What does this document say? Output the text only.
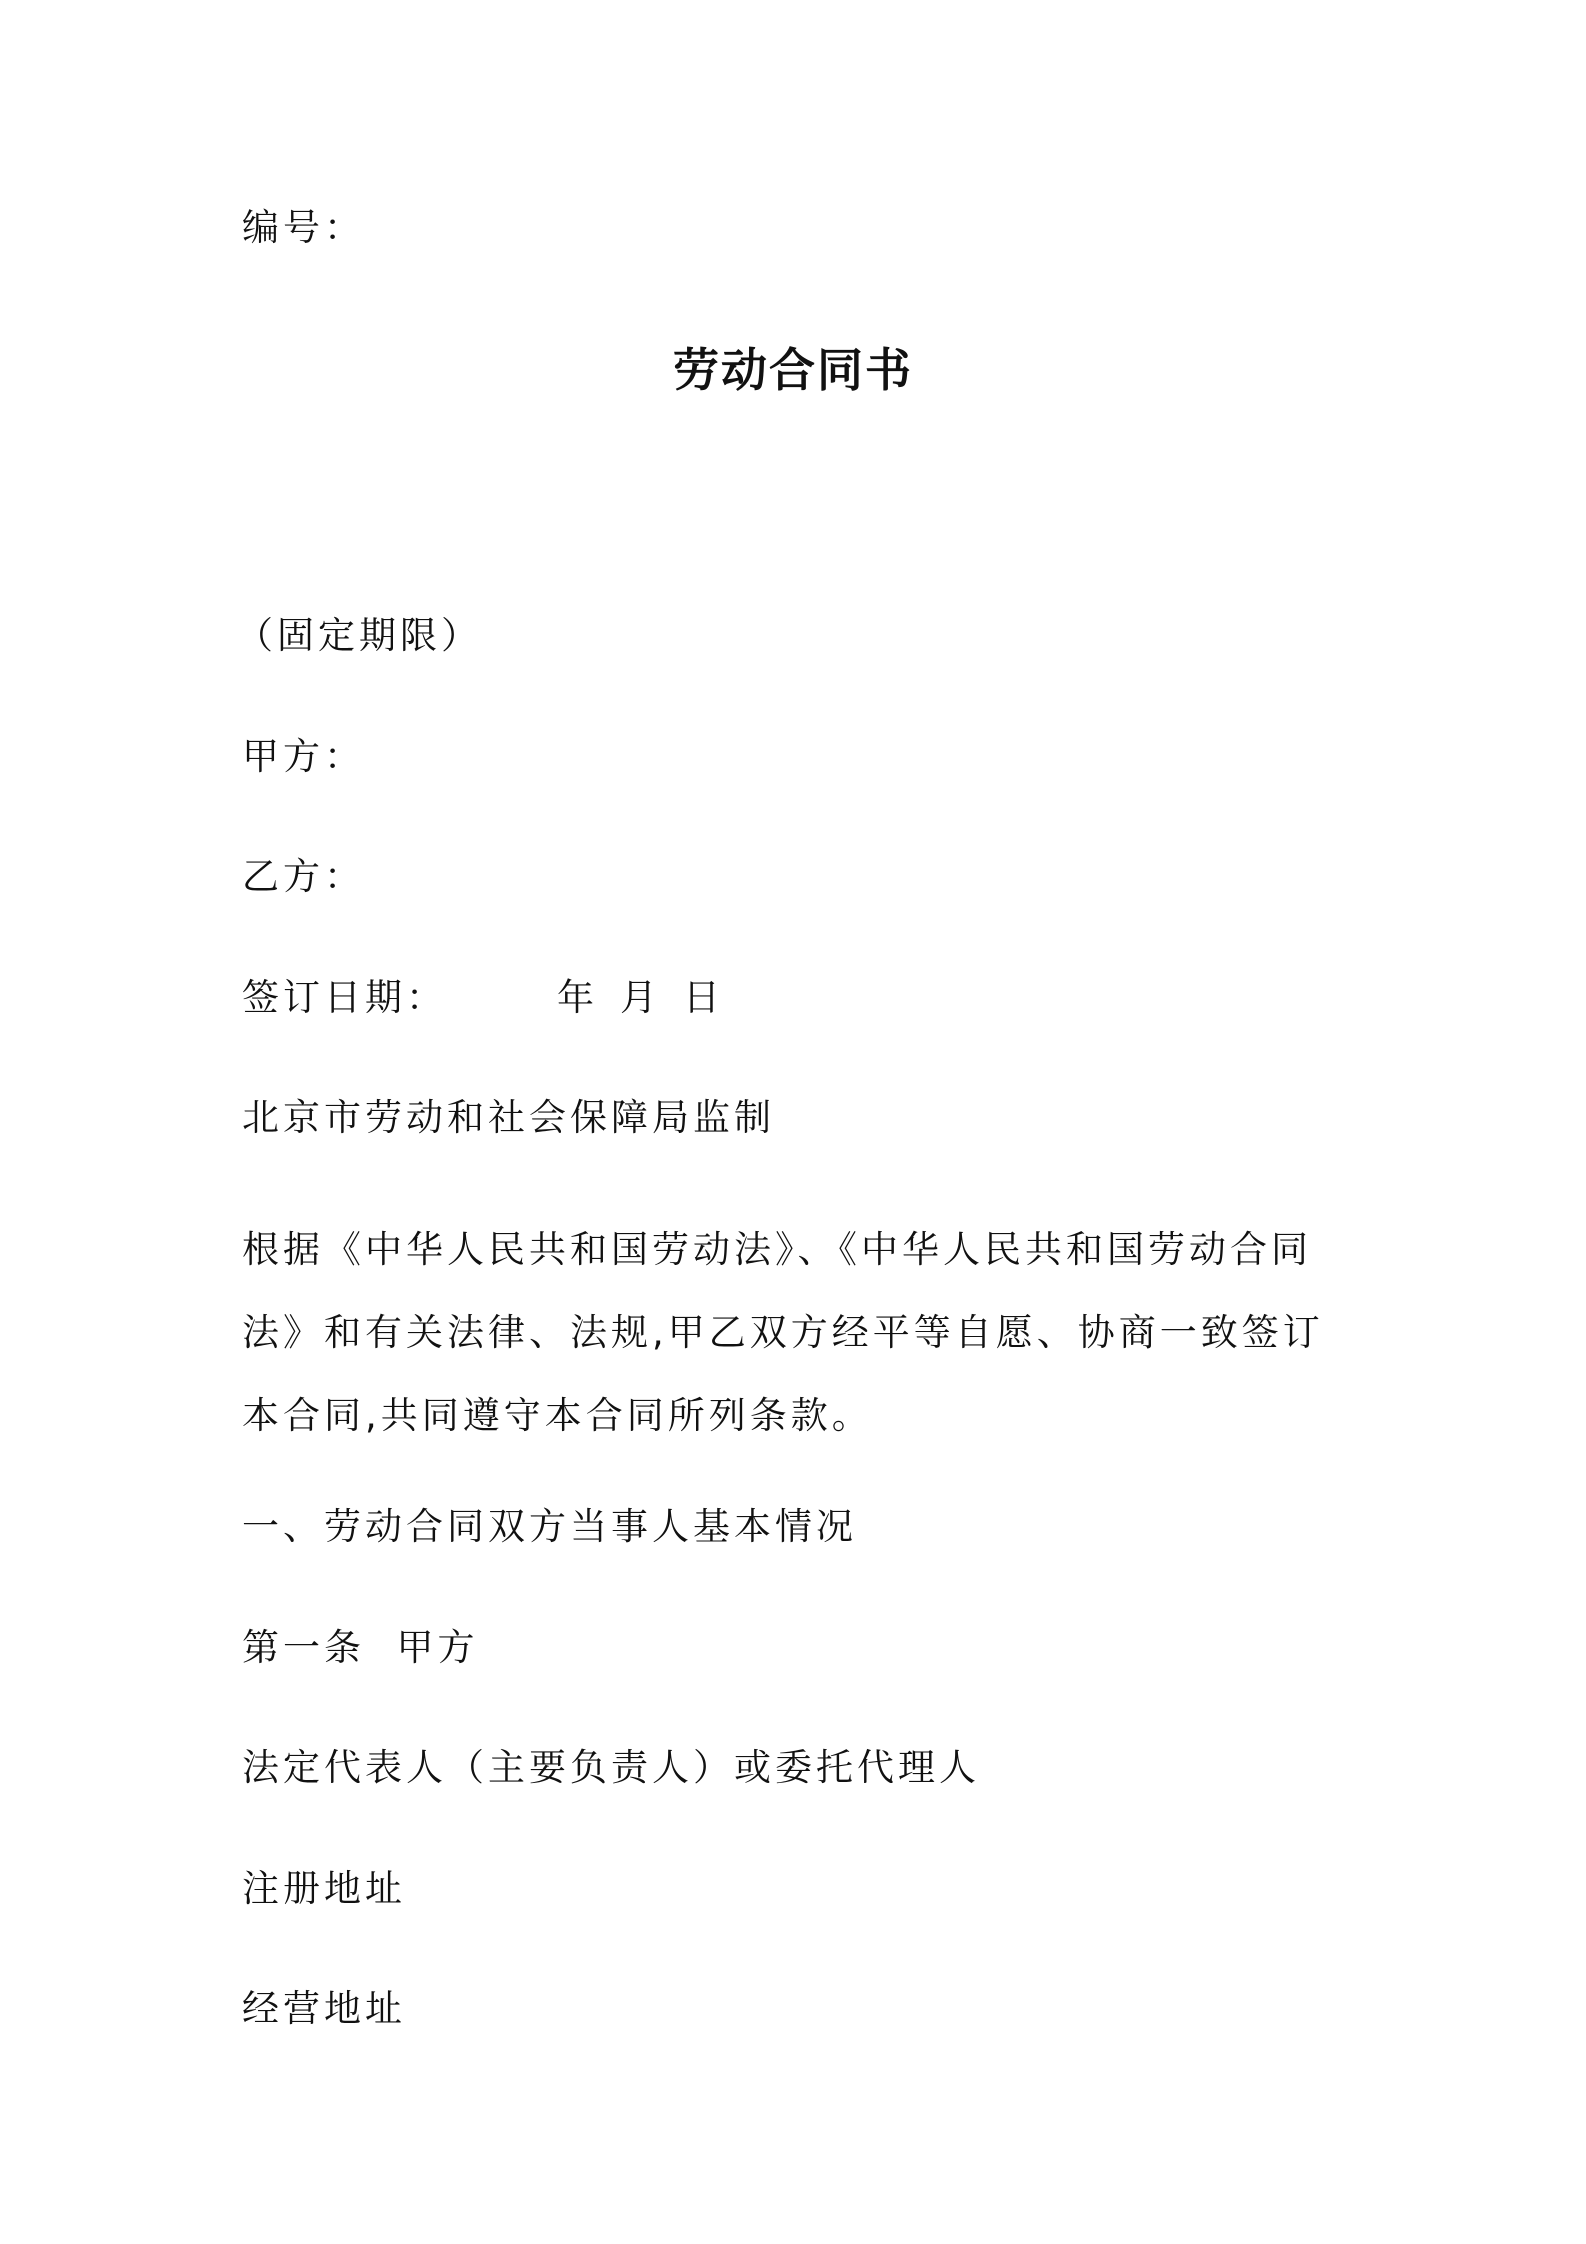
编号：
劳动合同书
（固定期限）
甲方：
乙方：
签订日期：	年 月 日
北京市劳动和社会保障局监制
根据《中华人民共和国劳动法》、《中华人民共和国劳动合同法》和有关法律、法规,甲乙双方经平等自愿、协商一致签订本合同,共同遵守本合同所列条款。
一、劳动合同双方当事人基本情况
第一条  甲方
法定代表人（主要负责人）或委托代理人
注册地址
经营地址
